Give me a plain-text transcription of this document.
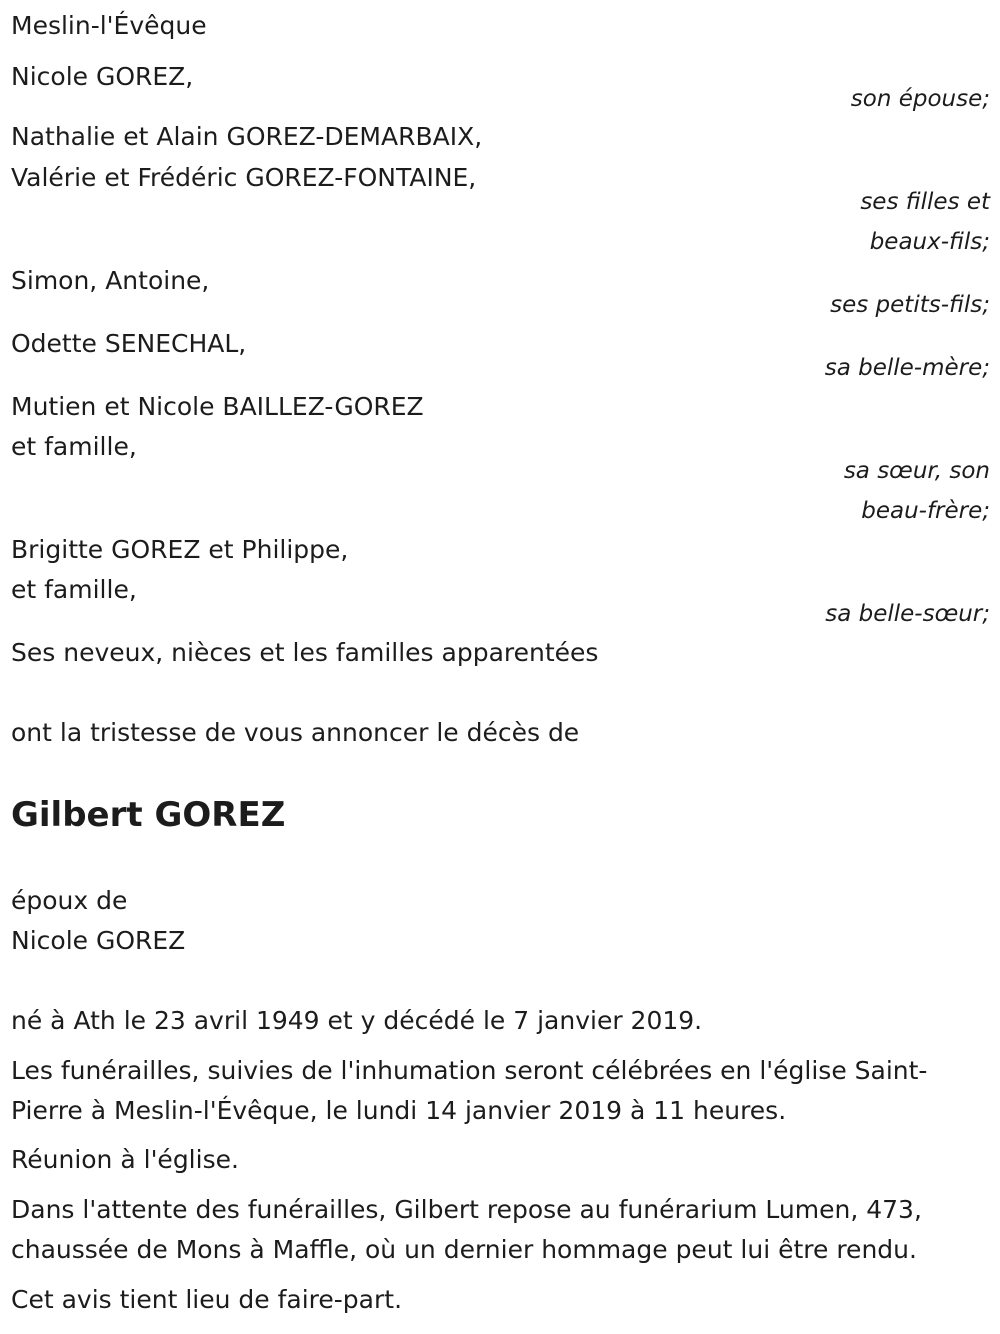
Meslin-l'Évêque
Nicole GOREZ,
son épouse;
Nathalie et Alain GOREZ-DEMARBAIX,
Valérie et Frédéric GOREZ-FONTAINE,
ses filles et
beaux-fils;
Simon, Antoine,
ses petits-fils;
Odette SENECHAL,
sa belle-mère;
Mutien et Nicole BAILLEZ-GOREZ
et famille,
sa sœur, son
beau-frère;
Brigitte GOREZ et Philippe,
et famille,
sa belle-sœur;
Ses neveux, nièces et les familles apparentées
ont la tristesse de vous annoncer le décès de
Gilbert GOREZ
époux de
Nicole GOREZ
né à Ath le 23 avril 1949 et y décédé le 7 janvier 2019.
Les funérailles, suivies de l'inhumation seront célébrées en l'église Saint-
Pierre à Meslin-l'Évêque, le lundi 14 janvier 2019 à 11 heures.
Réunion à l'église.
Dans l'attente des funérailles, Gilbert repose au funérarium Lumen, 473,
chaussée de Mons à Maffle, où un dernier hommage peut lui être rendu.
Cet avis tient lieu de faire-part.
